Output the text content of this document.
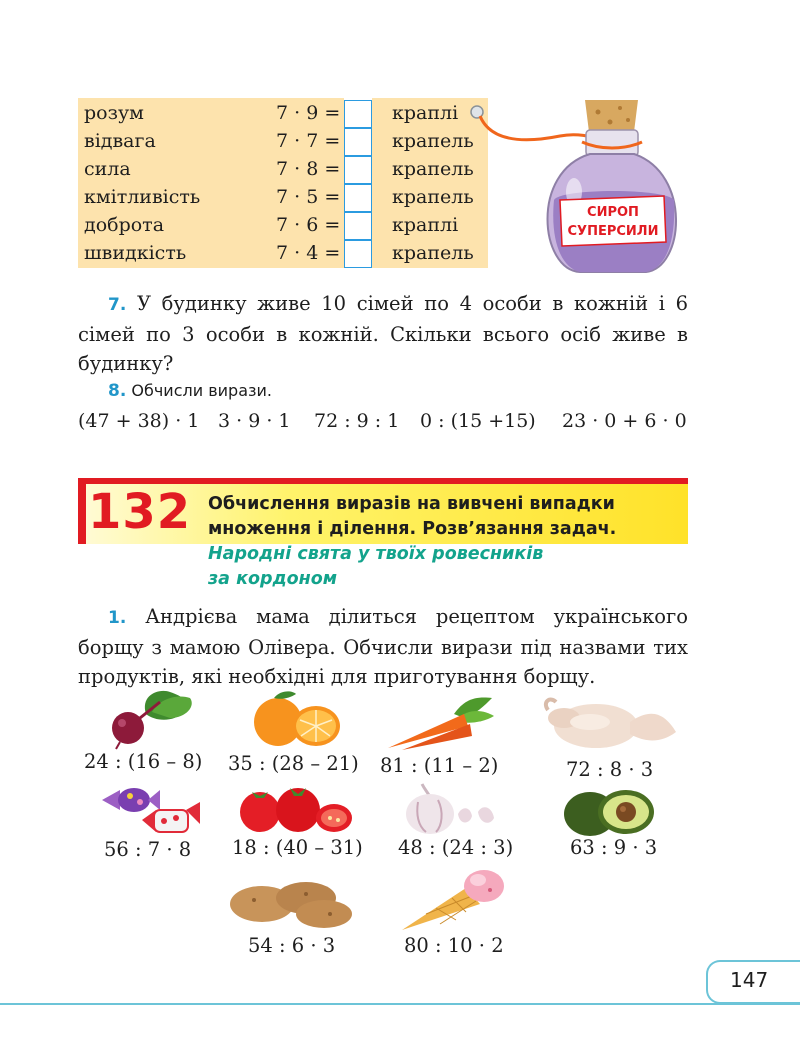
розум	7 · 9 =	краплі
відвага	7 · 7 =	крапель
сила	7 · 8 =	крапель
кмітливість	7 · 5 =	крапель
доброта	7 · 6 =	краплі
швидкість	7 · 4 =	крапель
СИРОП
СУПЕРСИЛИ
7. У будинку живе 10 сімей по 4 особи в кожній і 6 сімей по 3 особи в кожній. Скільки всього осіб живе в будинку?
8. Обчисли вирази.
(47 + 38) · 1 3 · 9 · 1 72 : 9 : 1 0 : (15 +15) 23 · 0 + 6 · 0
132 Обчислення виразів на вивчені випадки
множення і ділення. Розв’язання задач.
Народні свята у твоїх ровесників
за кордоном
1. Андрієва мама ділиться рецептом українського борщу з мамою Олівера. Обчисли вирази під назвами тих продуктів, які необхідні для приготування борщу.
24 : (16 – 8) 35 : (28 – 21) 81 : (11 – 2)	72 : 8 · 3
56 : 7 · 8 18 : (40 – 31) 48 : (24 : 3)	63 : 9 · 3
54 : 6 · 3	80 : 10 · 2
147
